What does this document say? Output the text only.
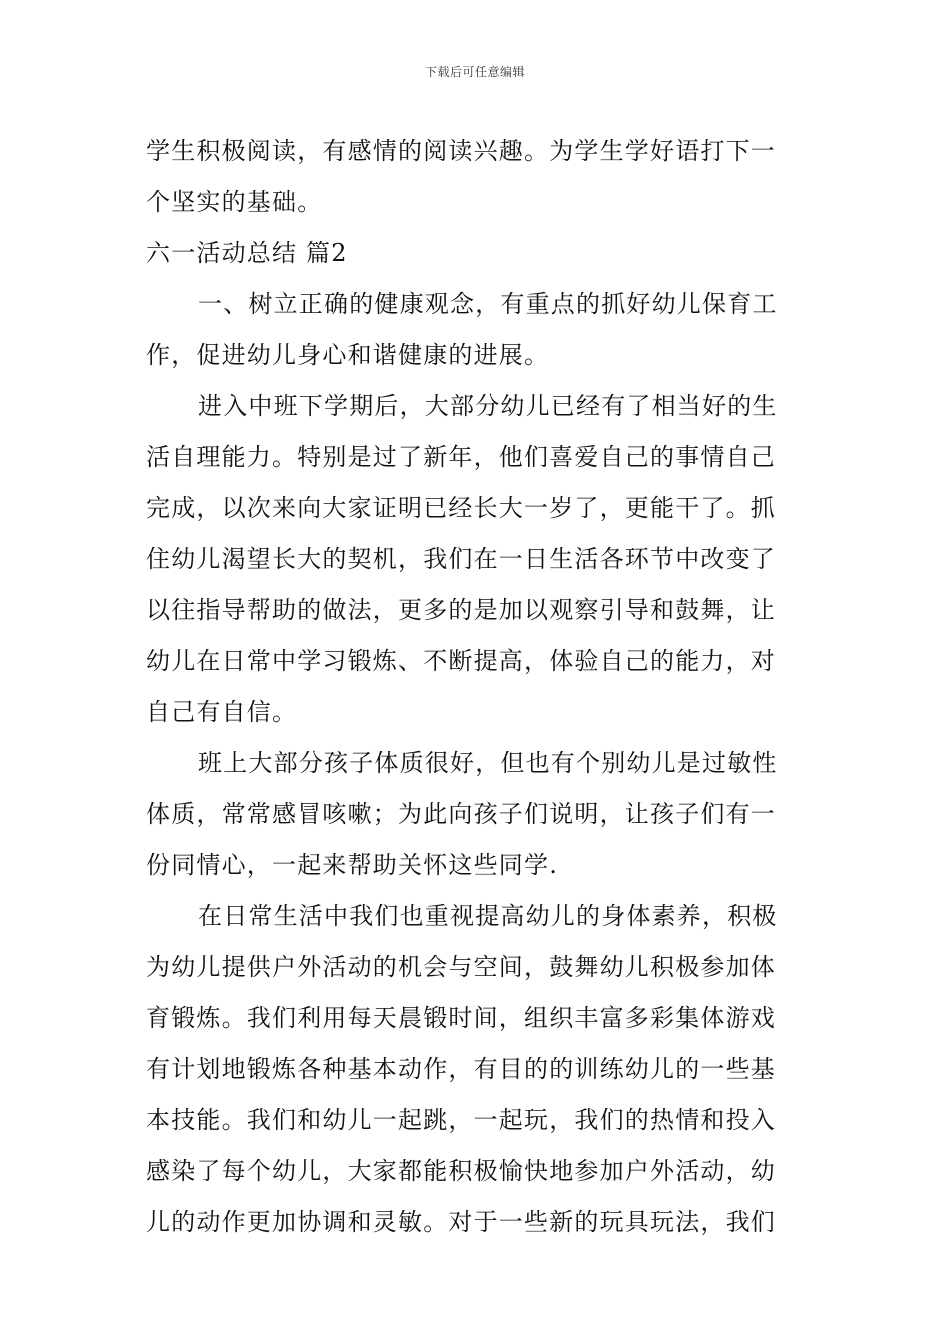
下载后可任意编辑
学生积极阅读，有感情的阅读兴趣。为学生学好语打下一
个坚实的基础。
六一活动总结 篇2
一、树立正确的健康观念，有重点的抓好幼儿保育工
作，促进幼儿身心和谐健康的进展。
进入中班下学期后，大部分幼儿已经有了相当好的生
活自理能力。特别是过了新年，他们喜爱自己的事情自己
完成，以次来向大家证明已经长大一岁了，更能干了。抓
住幼儿渴望长大的契机，我们在一日生活各环节中改变了
以往指导帮助的做法，更多的是加以观察引导和鼓舞，让
幼儿在日常中学习锻炼、不断提高，体验自己的能力，对
自己有自信。
班上大部分孩子体质很好，但也有个别幼儿是过敏性
体质，常常感冒咳嗽；为此向孩子们说明，让孩子们有一
份同情心，一起来帮助关怀这些同学.
在日常生活中我们也重视提高幼儿的身体素养，积极
为幼儿提供户外活动的机会与空间，鼓舞幼儿积极参加体
育锻炼。我们利用每天晨锻时间，组织丰富多彩集体游戏
有计划地锻炼各种基本动作，有目的的训练幼儿的一些基
本技能。我们和幼儿一起跳，一起玩，我们的热情和投入
感染了每个幼儿，大家都能积极愉快地参加户外活动，幼
儿的动作更加协调和灵敏。对于一些新的玩具玩法，我们
